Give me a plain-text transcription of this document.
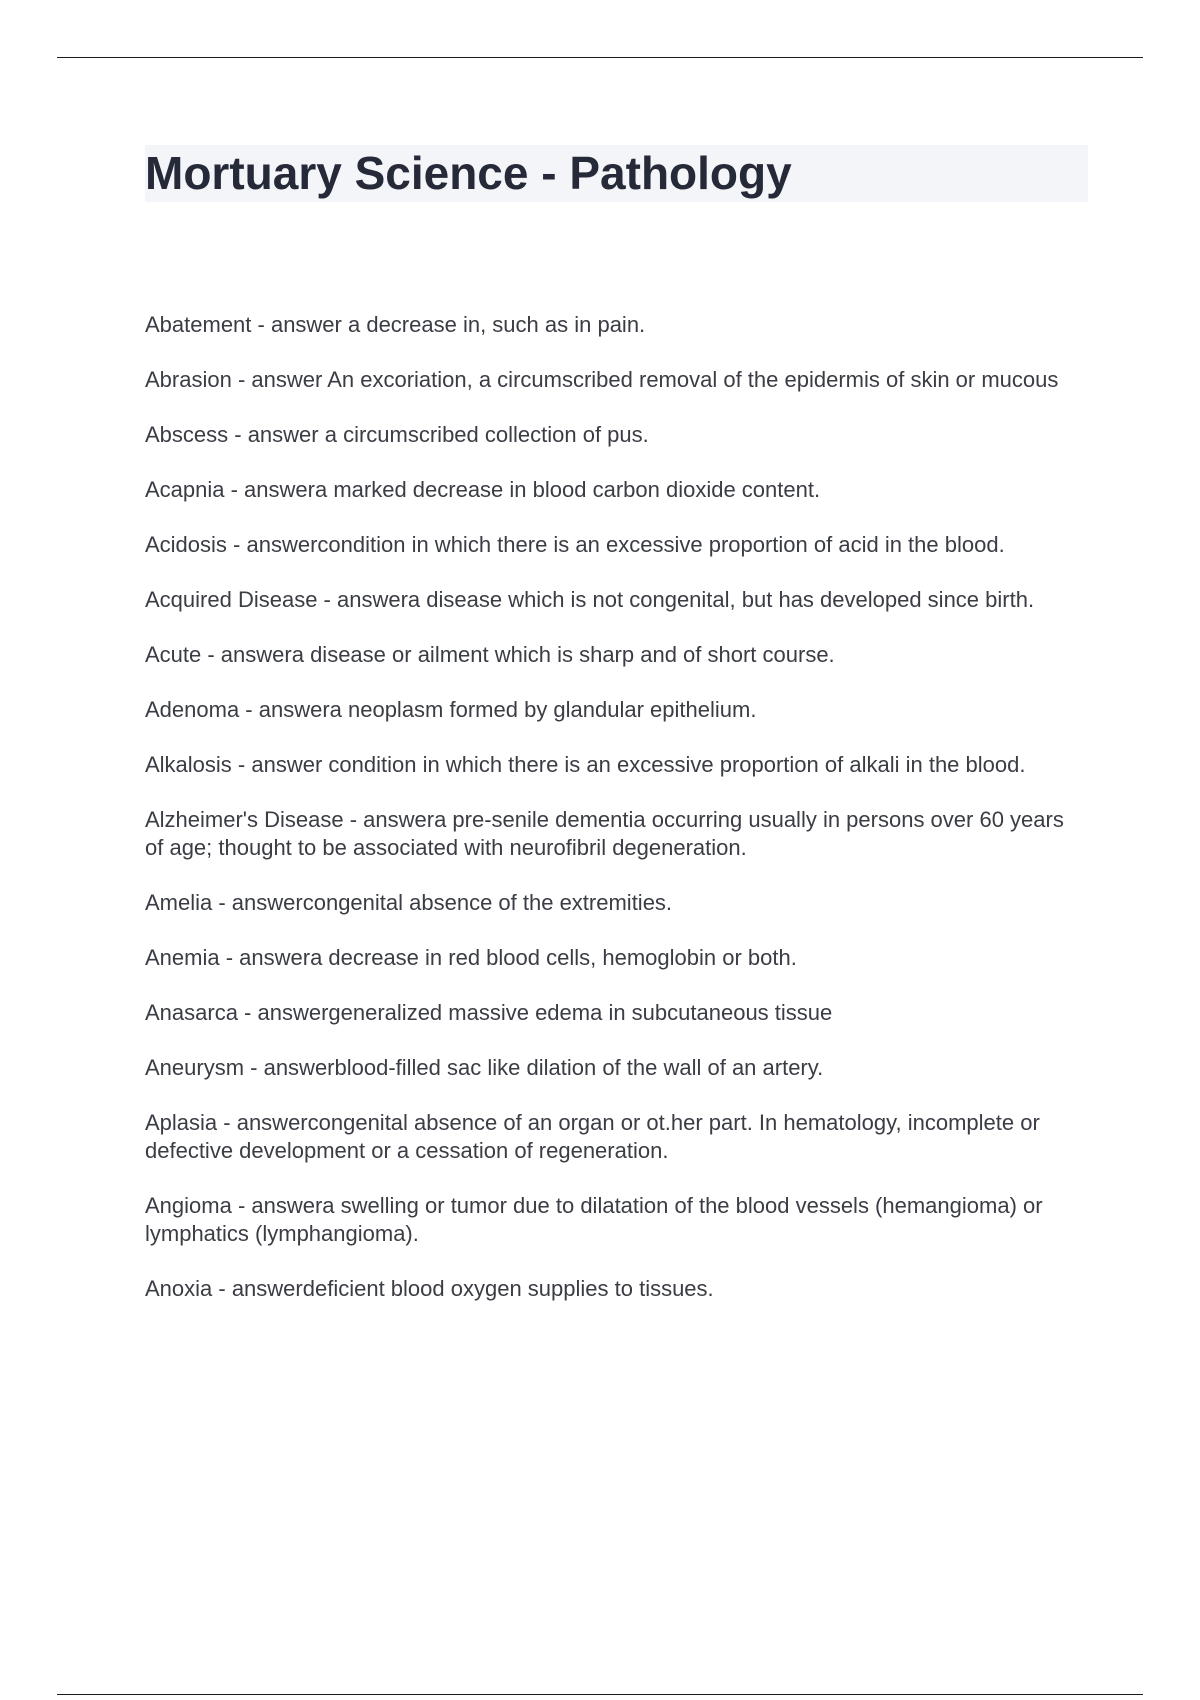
Mortuary Science - Pathology
Abatement - answer a decrease in, such as in pain.
Abrasion - answer An excoriation, a circumscribed removal of the epidermis of skin or mucous
Abscess - answer a circumscribed collection of pus.
Acapnia - answera marked decrease in blood carbon dioxide content.
Acidosis - answercondition in which there is an excessive proportion of acid in the blood.
Acquired Disease - answera disease which is not congenital, but has developed since birth.
Acute - answera disease or ailment which is sharp and of short course.
Adenoma - answera neoplasm formed by glandular epithelium.
Alkalosis - answer condition in which there is an excessive proportion of alkali in the blood.
Alzheimer's Disease - answera pre-senile dementia occurring usually in persons over 60 years of age; thought to be associated with neurofibril degeneration.
Amelia - answercongenital absence of the extremities.
Anemia - answera decrease in red blood cells, hemoglobin or both.
Anasarca - answergeneralized massive edema in subcutaneous tissue
Aneurysm - answerblood-filled sac like dilation of the wall of an artery.
Aplasia - answercongenital absence of an organ or ot.her part. In hematology, incomplete or defective development or a cessation of regeneration.
Angioma - answera swelling or tumor due to dilatation of the blood vessels (hemangioma) or lymphatics (lymphangioma).
Anoxia - answerdeficient blood oxygen supplies to tissues.
